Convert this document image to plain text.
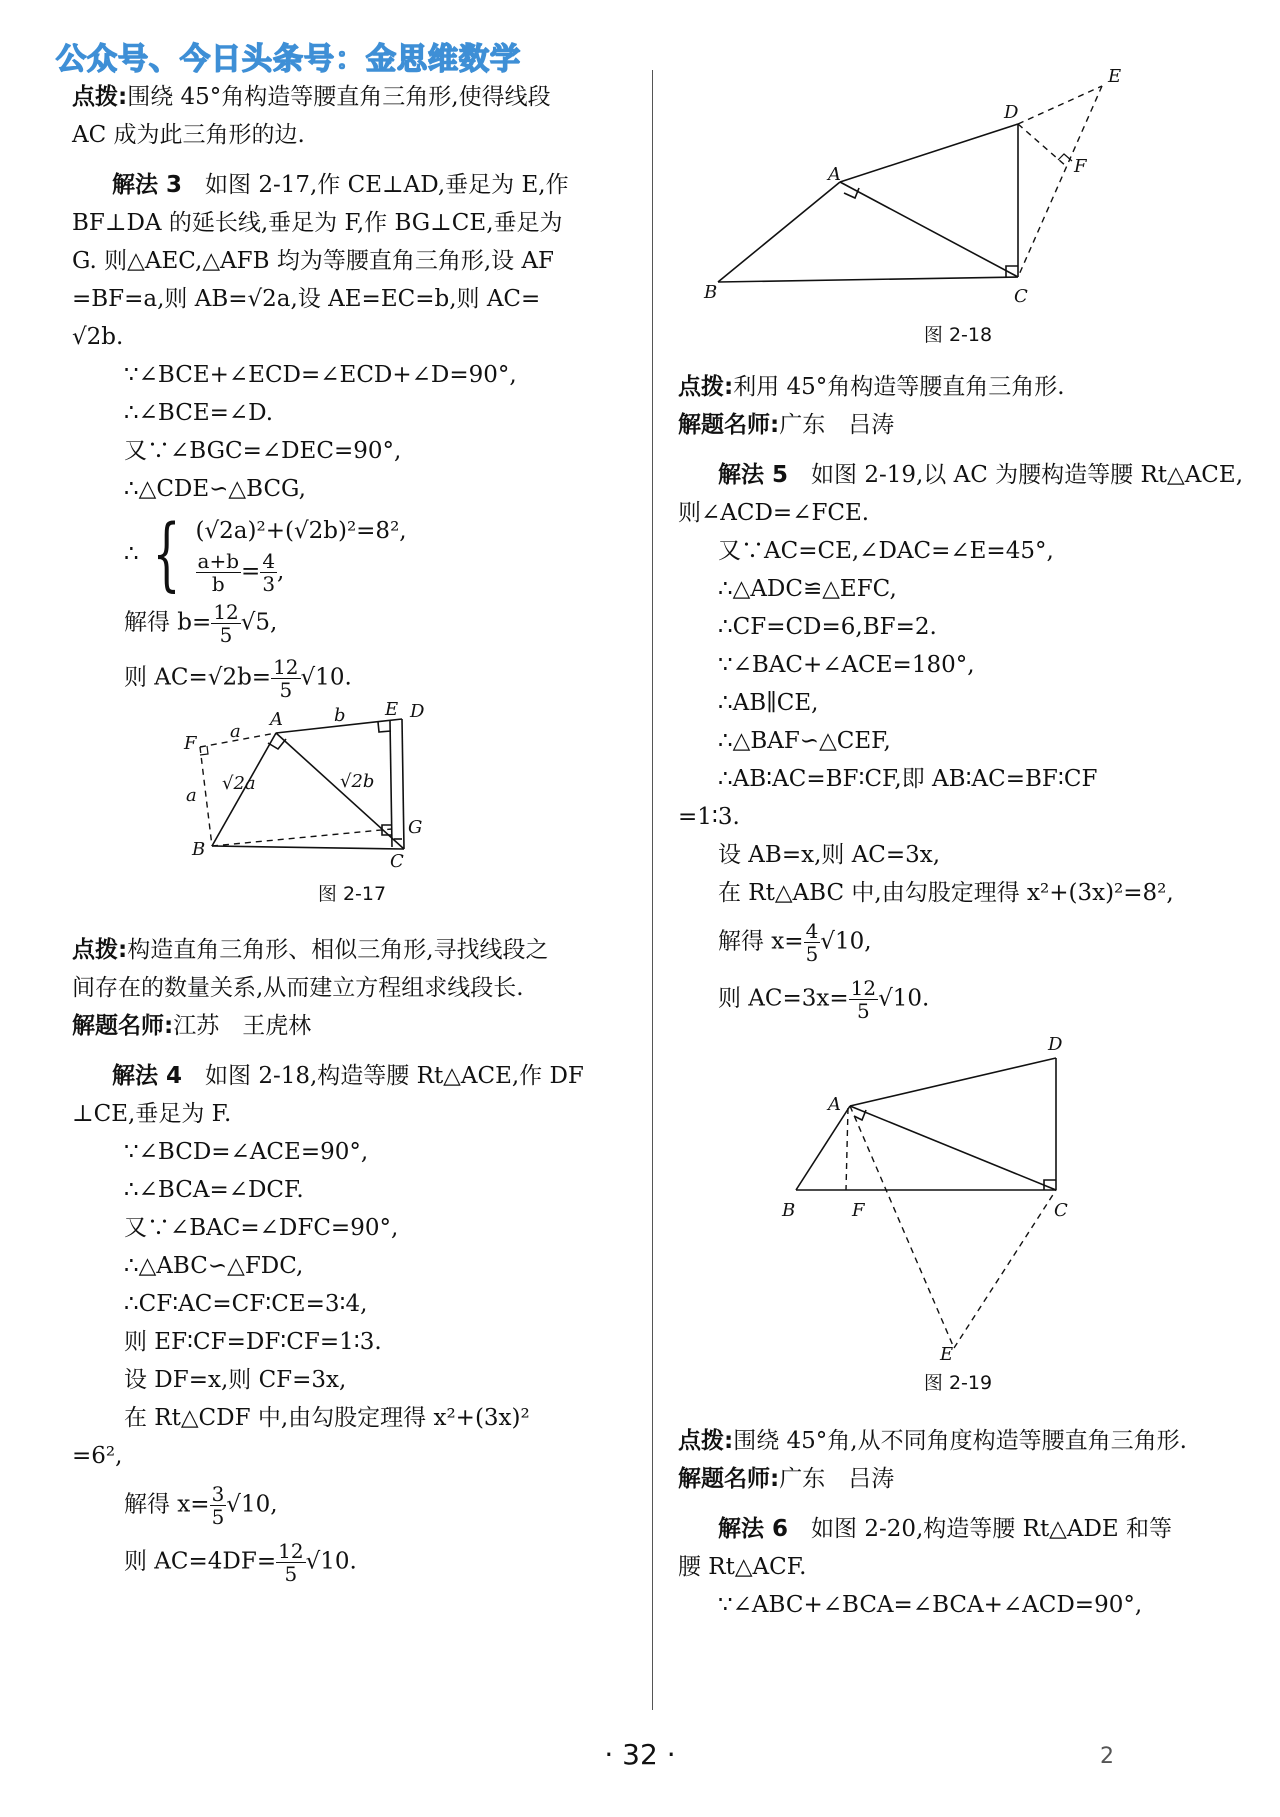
公众号、今日头条号：金思维数学

点拨:围绕 45°角构造等腰直角三角形,使得线段

AC 成为此三角形的边.

解法 3　 如图 2-17,作 CE⊥AD,垂足为 E,作

BF⊥DA 的延长线,垂足为 F,作 BG⊥CE,垂足为

G. 则△AEC,△AFB 均为等腰直角三角形,设 AF

=BF=a,则 AB=√2a,设 AE=EC=b,则 AC=

√2b.

∵∠BCE+∠ECD=∠ECD+∠D=90°,

∴∠BCE=∠D.

又∵∠BGC=∠DEC=90°,

∴△CDE∽△BCG,

∴ { (√2a)²+(√2b)²=8²,
$\frac{a+b}{b} = \frac{4}{3}$ ,

解得 $b= \frac{12}{5} √5$,

则 $AC=√2b= \frac{12}{5} √10$.

A
B
C
D
E
F
G
a
a
b
√2a	√2b
图 2-17

点拨:构造直角三角形、相似三角形,寻找线段之

间存在的数量关系,从而建立方程组求线段长.

解题名师:江苏　王虎林

解法 4　 如图 2-18,构造等腰 Rt△ACE,作 DF

⊥CE,垂足为 F.

∵∠BCD=∠ACE=90°,

∴∠BCA=∠DCF.

又∵∠BAC=∠DFC=90°,

∴△ABC∽△FDC,

∴CF∶AC=CF∶CE=3∶4,

则 EF∶CF=DF∶CF=1∶3.

设 DF=x,则 CF=3x,

在 Rt△CDF 中,由勾股定理得 x²+(3x)²

=6²,

解得 $x= \frac{3}{5} √10$,

则 $AC=4DF= \frac{12}{5} √10$.

A
B	C
D
E
F
图 2-18

点拨:利用 45°角构造等腰直角三角形.

解题名师:广东　吕涛

解法 5　 如图 2-19,以 AC 为腰构造等腰 Rt△ACE,

则∠ACD=∠FCE.

又∵AC=CE,∠DAC=∠E=45°,

∴△ADC≌△EFC,

∴CF=CD=6,BF=2.

∵∠BAC+∠ACE=180°,

∴AB∥CE,

∴△BAF∽△CEF,

∴AB∶AC=BF∶CF,即 AB∶AC=BF∶CF

=1∶3.

设 AB=x,则 AC=3x,

在 Rt△ABC 中,由勾股定理得 x²+(3x)²=8²,

解得 $x= \frac{4}{5} √10$,

则 $AC=3x= \frac{12}{5} √10$.

A
B	C
D
E
F
图 2-19

点拨:围绕 45°角,从不同角度构造等腰直角三角形.

解题名师:广东　吕涛

解法 6　 如图 2-20,构造等腰 Rt△ADE 和等

腰 Rt△ACF.

∵∠ABC+∠BCA=∠BCA+∠ACD=90°,

· 32 ·	2
